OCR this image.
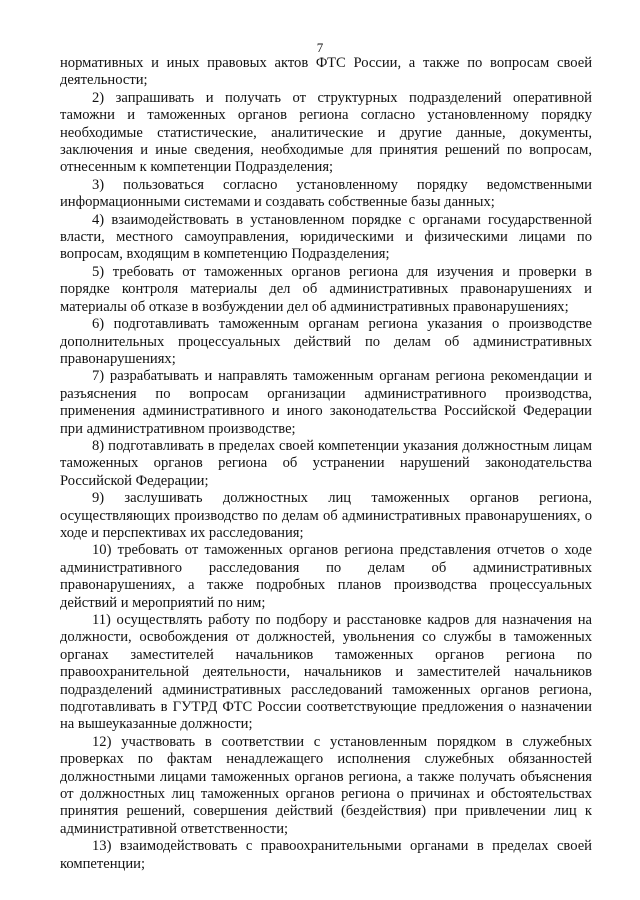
7

нормативных и иных правовых актов ФТС России, а также по вопросам своей деятельности;

2) запрашивать и получать от структурных подразделений оперативной таможни и таможенных органов региона согласно установленному порядку необходимые статистические, аналитические и другие данные, документы, заключения и иные сведения, необходимые для принятия решений по вопросам, отнесенным к компетенции Подразделения;

3) пользоваться согласно установленному порядку ведомственными информационными системами и создавать собственные базы данных;

4) взаимодействовать в установленном порядке с органами государственной власти, местного самоуправления, юридическими и физическими лицами по вопросам, входящим в компетенцию Подразделения;

5) требовать от таможенных органов региона для изучения и проверки в порядке контроля материалы дел об административных правонарушениях и материалы об отказе в возбуждении дел об административных правонарушениях;

6) подготавливать таможенным органам региона указания о производстве дополнительных процессуальных действий по делам об административных правонарушениях;

7) разрабатывать и направлять таможенным органам региона рекомендации и разъяснения по вопросам организации административного производства, применения административного и иного законодательства Российской Федерации при административном производстве;

8) подготавливать в пределах своей компетенции указания должностным лицам таможенных органов региона об устранении нарушений законодательства Российской Федерации;

9) заслушивать должностных лиц таможенных органов региона, осуществляющих производство по делам об административных правонарушениях, о ходе и перспективах их расследования;

10) требовать от таможенных органов региона представления отчетов о ходе административного расследования по делам об административных правонарушениях, а также подробных планов производства процессуальных действий и мероприятий по ним;

11) осуществлять работу по подбору и расстановке кадров для назначения на должности, освобождения от должностей, увольнения со службы в таможенных органах заместителей начальников таможенных органов региона по правоохранительной деятельности, начальников и заместителей начальников подразделений административных расследований таможенных органов региона, подготавливать в ГУТРД ФТС России соответствующие предложения о назначении на вышеуказанные должности;

12) участвовать в соответствии с установленным порядком в служебных проверках по фактам ненадлежащего исполнения служебных обязанностей должностными лицами таможенных органов региона, а также получать объяснения от должностных лиц таможенных органов региона о причинах и обстоятельствах принятия решений, совершения действий (бездействия) при привлечении лиц к административной ответственности;

13) взаимодействовать с правоохранительными органами в пределах своей компетенции;
